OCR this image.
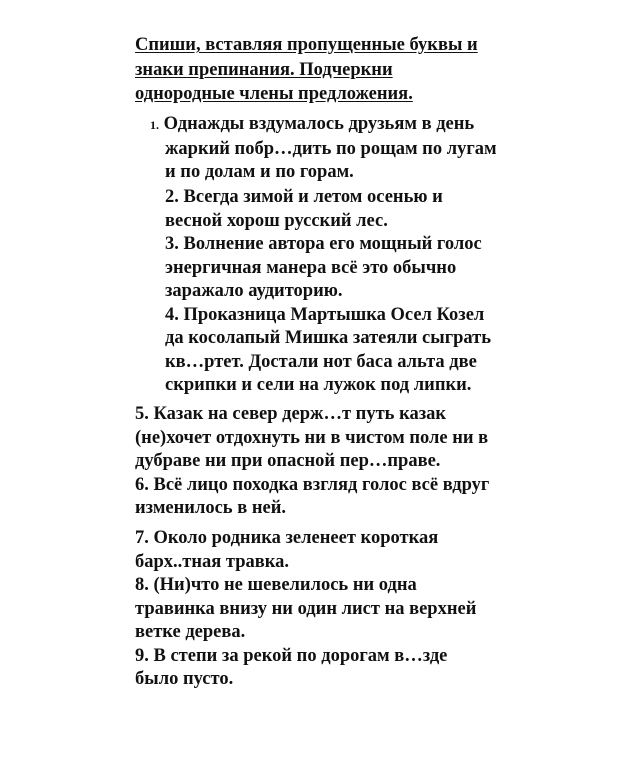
Спиши, вставляя пропущенные буквы и
знаки препинания. Подчеркни
однородные члены предложения.
1. Однажды вздумалось друзьям в день
жаркий побр…дить по рощам по лугам
и по долам и по горам.
2. Всегда зимой и летом осенью и
весной хорош русский лес.
3. Волнение автора его мощный голос
энергичная манера всё это обычно
заражало аудиторию.
4. Проказница Мартышка Осел Козел
да косолапый Мишка затеяли сыграть
кв…ртет. Достали нот баса альта две
скрипки и сели на лужок под липки.
5. Казак на север держ…т путь казак
(не)хочет отдохнуть ни в чистом поле ни в
дубраве ни при опасной пер…праве.
6. Всё лицо походка взгляд голос всё вдруг
изменилось в ней.
7. Около родника зеленеет короткая
барх..тная травка.
8. (Ни)что не шевелилось ни одна
травинка внизу ни один лист на верхней
ветке дерева.
9. В степи за рекой по дорогам в…зде
было пусто.
